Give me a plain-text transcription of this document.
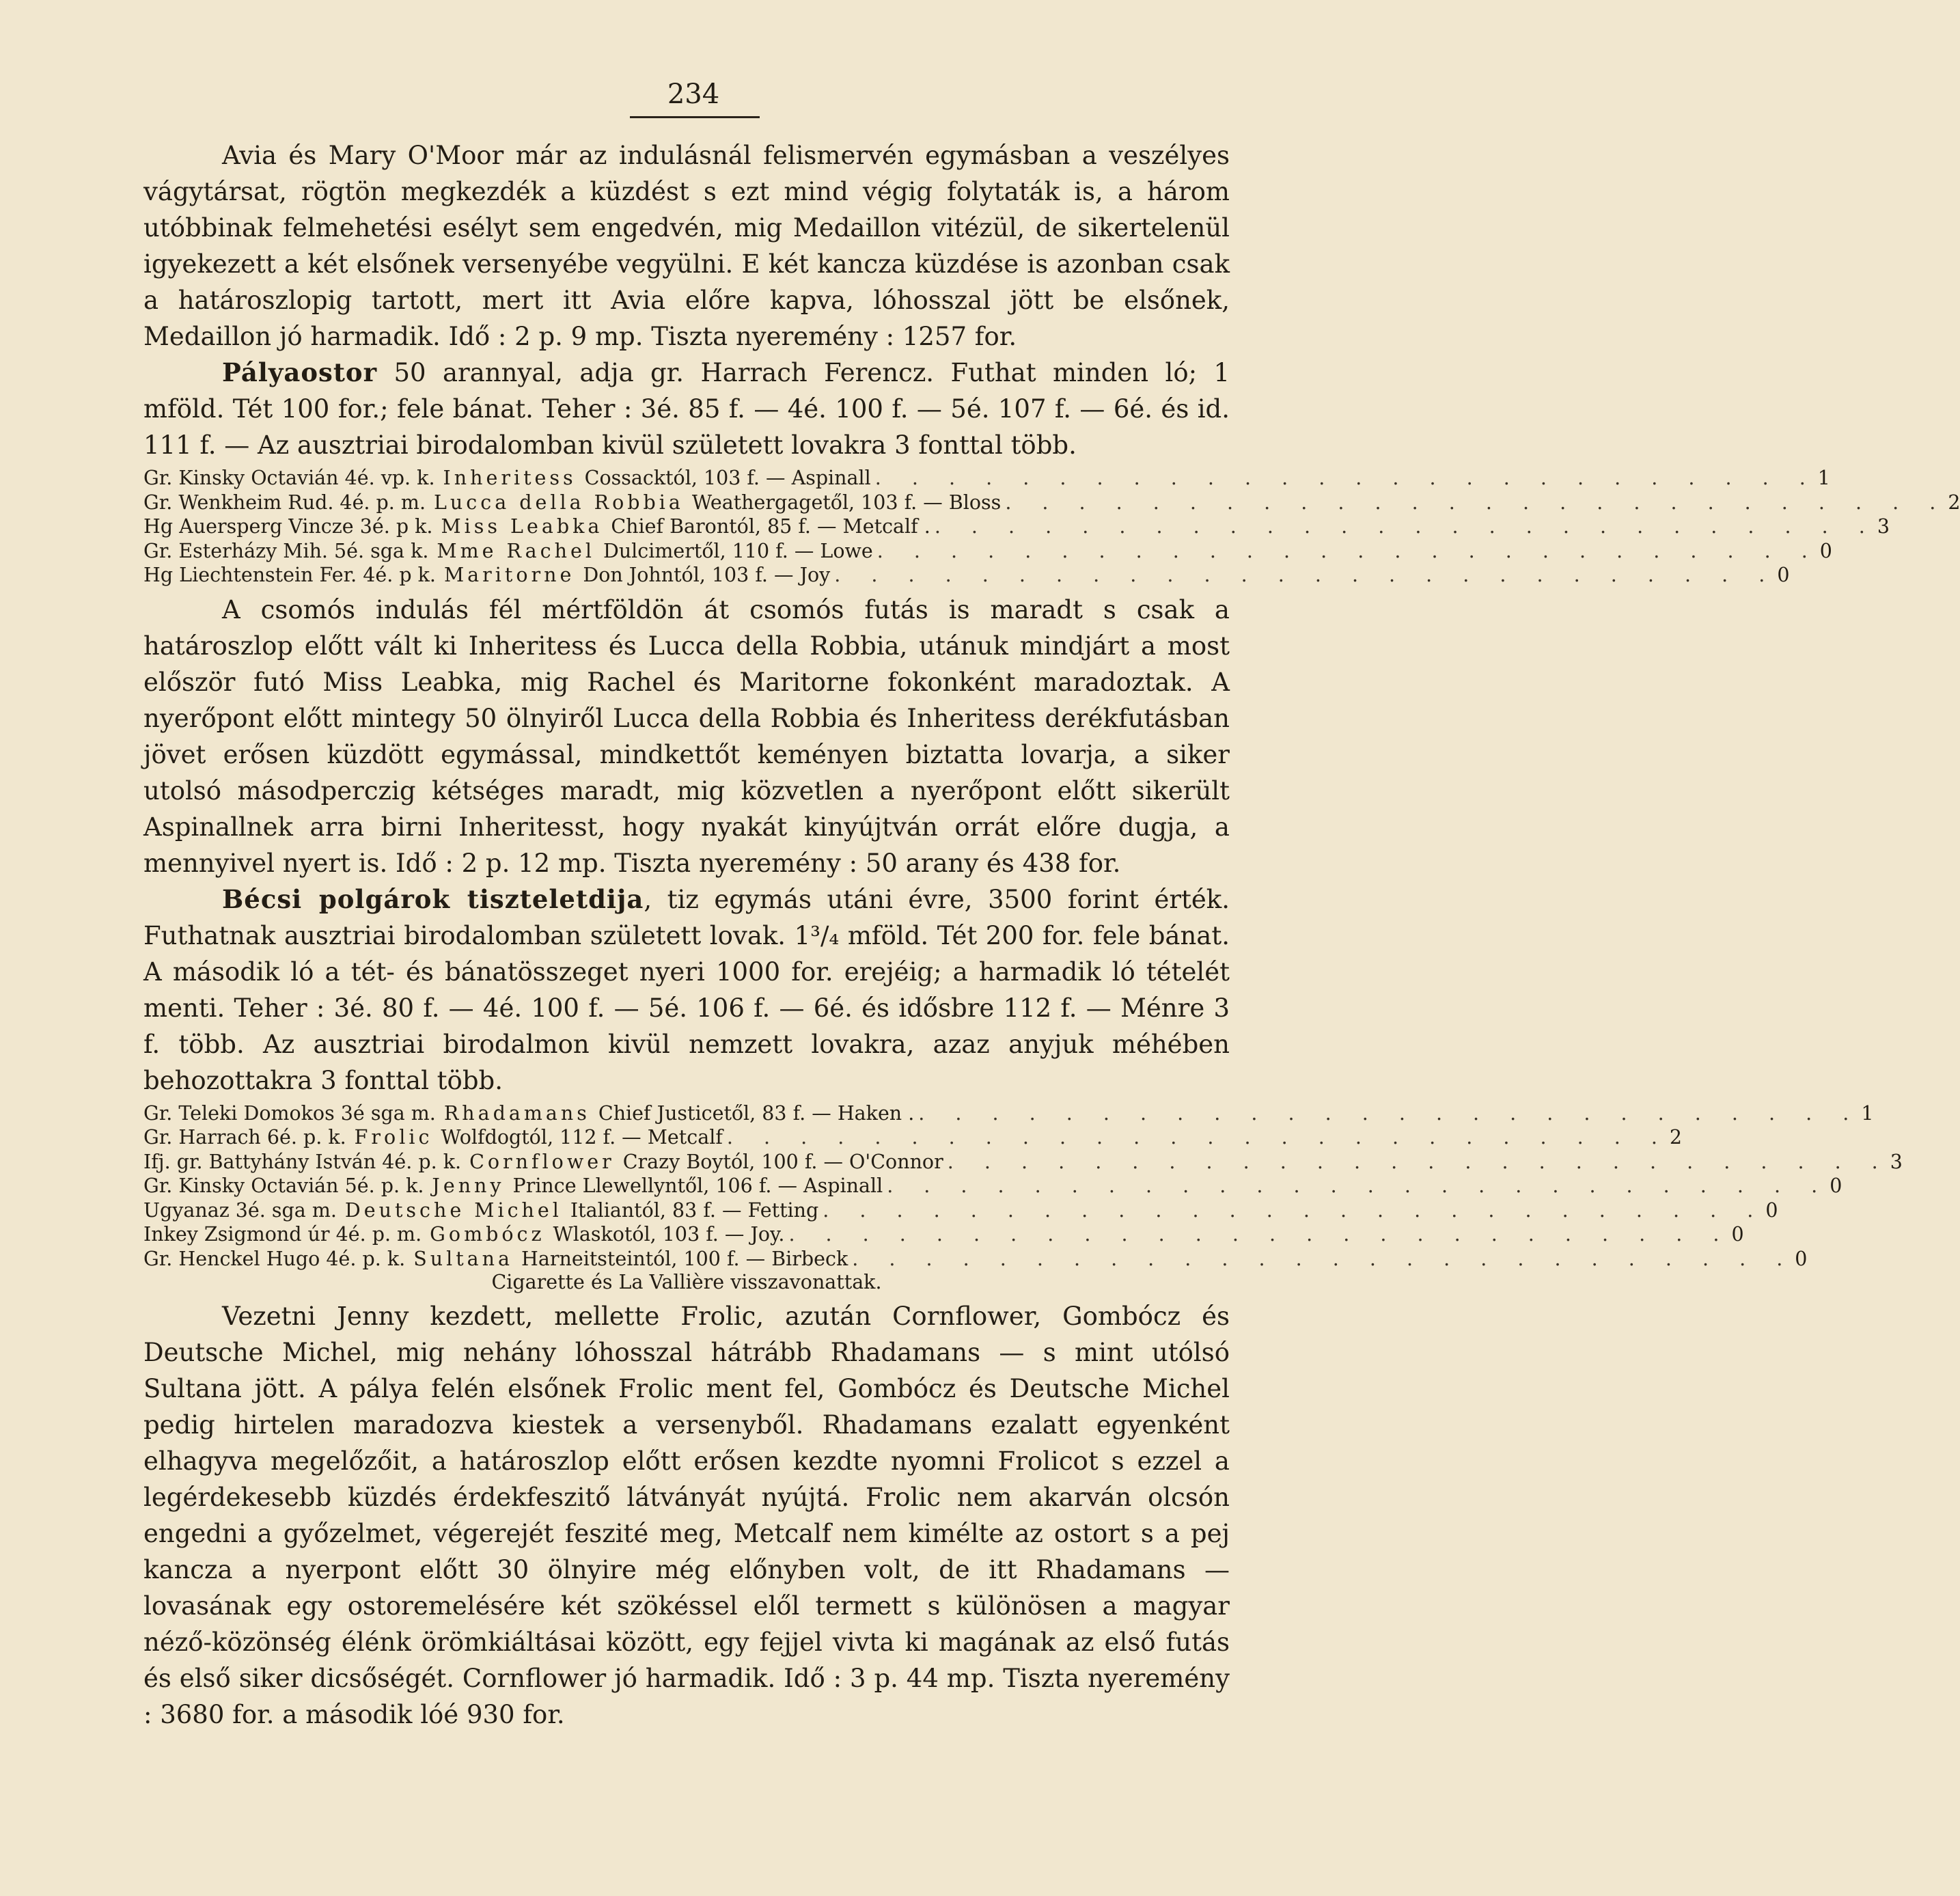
234

Avia és Mary O'Moor már az indulásnál felismervén egymásban a veszélyes vágytársat, rögtön megkezdék a küzdést s ezt mind végig folytaták is, a három utóbbinak felmehetési esélyt sem engedvén, mig Medaillon vitézül, de sikertelenül igyekezett a két elsőnek versenyébe vegyülni. E két kancza küzdése is azonban csak a határoszlopig tartott, mert itt Avia előre kapva, lóhosszal jött be elsőnek, Medaillon jó harmadik. Idő : 2 p. 9 mp. Tiszta nyeremény : 1257 for.

Pályaostor 50 arannyal, adja gr. Harrach Ferencz. Futhat minden ló; 1 mföld. Tét 100 for.; fele bánat. Teher : 3é. 85 f. — 4é. 100 f. — 5é. 107 f. — 6é. és id. 111 f. — Az ausztriai birodalomban kivül született lovakra 3 fonttal több.

Gr. Kinsky Octavián 4é. vp. k. Inheritess Cossacktól, 103 f. — Aspinall . . . . . . . . . . . . . . . . . . . . . . . . . . 1
Gr. Wenkheim Rud. 4é. p. m. Lucca della Robbia Weathergagetől, 103 f. — Bloss . . . . . . . . . . . . . . . . . . . . . . . . . . 2
Hg Auersperg Vincze 3é. p k. Miss Leabka Chief Barontól, 85 f. — Metcalf . . . . . . . . . . . . . . . . . . . . . . . . . . . 3
Gr. Esterházy Mih. 5é. sga k. Mme Rachel Dulcimertől, 110 f. — Lowe . . . . . . . . . . . . . . . . . . . . . . . . . . 0
Hg Liechtenstein Fer. 4é. p k. Maritorne Don Johntól, 103 f. — Joy . . . . . . . . . . . . . . . . . . . . . . . . . . 0

A csomós indulás fél mértföldön át csomós futás is maradt s csak a határoszlop előtt vált ki Inheritess és Lucca della Robbia, utánuk mindjárt a most először futó Miss Leabka, mig Rachel és Maritorne fokonként maradoztak. A nyerőpont előtt mintegy 50 ölnyiről Lucca della Robbia és Inheritess derékfutásban jövet erősen küzdött egymással, mindkettőt keményen biztatta lovarja, a siker utolsó másodperczig kétséges maradt, mig közvetlen a nyerőpont előtt sikerült Aspinallnek arra birni Inheritesst, hogy nyakát kinyújtván orrát előre dugja, a mennyivel nyert is. Idő : 2 p. 12 mp. Tiszta nyeremény : 50 arany és 438 for.

Bécsi polgárok tiszteletdija, tiz egymás utáni évre, 3500 forint érték. Futhatnak ausztriai birodalomban született lovak. 1³/₄ mföld. Tét 200 for. fele bánat. A második ló a tét- és bánatösszeget nyeri 1000 for. erejéig; a harmadik ló tételét menti. Teher : 3é. 80 f. — 4é. 100 f. — 5é. 106 f. — 6é. és idősbre 112 f. — Ménre 3 f. több. Az ausztriai birodalmon kivül nemzett lovakra, azaz anyjuk méhében behozottakra 3 fonttal több.

Gr. Teleki Domokos 3é sga m. Rhadamans Chief Justicetől, 83 f. — Haken . . . . . . . . . . . . . . . . . . . . . . . . . . . 1
Gr. Harrach 6é. p. k. Frolic Wolfdogtól, 112 f. — Metcalf . . . . . . . . . . . . . . . . . . . . . . . . . . 2
Ifj. gr. Battyhány István 4é. p. k. Cornflower Crazy Boytól, 100 f. — O'Connor . . . . . . . . . . . . . . . . . . . . . . . . . . 3
Gr. Kinsky Octavián 5é. p. k. Jenny Prince Llewellyntől, 106 f. — Aspinall . . . . . . . . . . . . . . . . . . . . . . . . . . 0
Ugyanaz 3é. sga m. Deutsche Michel Italiantól, 83 f. — Fetting . . . . . . . . . . . . . . . . . . . . . . . . . . 0
Inkey Zsigmond úr 4é. p. m. Gombócz Wlaskotól, 103 f. — Joy. . . . . . . . . . . . . . . . . . . . . . . . . . . 0
Gr. Henckel Hugo 4é. p. k. Sultana Harneitsteintól, 100 f. — Birbeck . . . . . . . . . . . . . . . . . . . . . . . . . . 0
Cigarette és La Vallière visszavonattak.

Vezetni Jenny kezdett, mellette Frolic, azután Cornflower, Gombócz és Deutsche Michel, mig nehány lóhosszal hátrább Rhadamans — s mint utólsó Sultana jött. A pálya felén elsőnek Frolic ment fel, Gombócz és Deutsche Michel pedig hirtelen maradozva kiestek a versenyből. Rhadamans ezalatt egyenként elhagyva megelőzőit, a határoszlop előtt erősen kezdte nyomni Frolicot s ezzel a legérdekesebb küzdés érdekfeszitő látványát nyújtá. Frolic nem akarván olcsón engedni a győzelmet, végerejét feszité meg, Metcalf nem kimélte az ostort s a pej kancza a nyerpont előtt 30 ölnyire még előnyben volt, de itt Rhadamans — lovasának egy ostoremelésére két szökéssel elől termett s különösen a magyar néző-közönség élénk örömkiáltásai között, egy fejjel vivta ki magának az első futás és első siker dicsőségét. Cornflower jó harmadik. Idő : 3 p. 44 mp. Tiszta nyeremény : 3680 for. a második lóé 930 for.
